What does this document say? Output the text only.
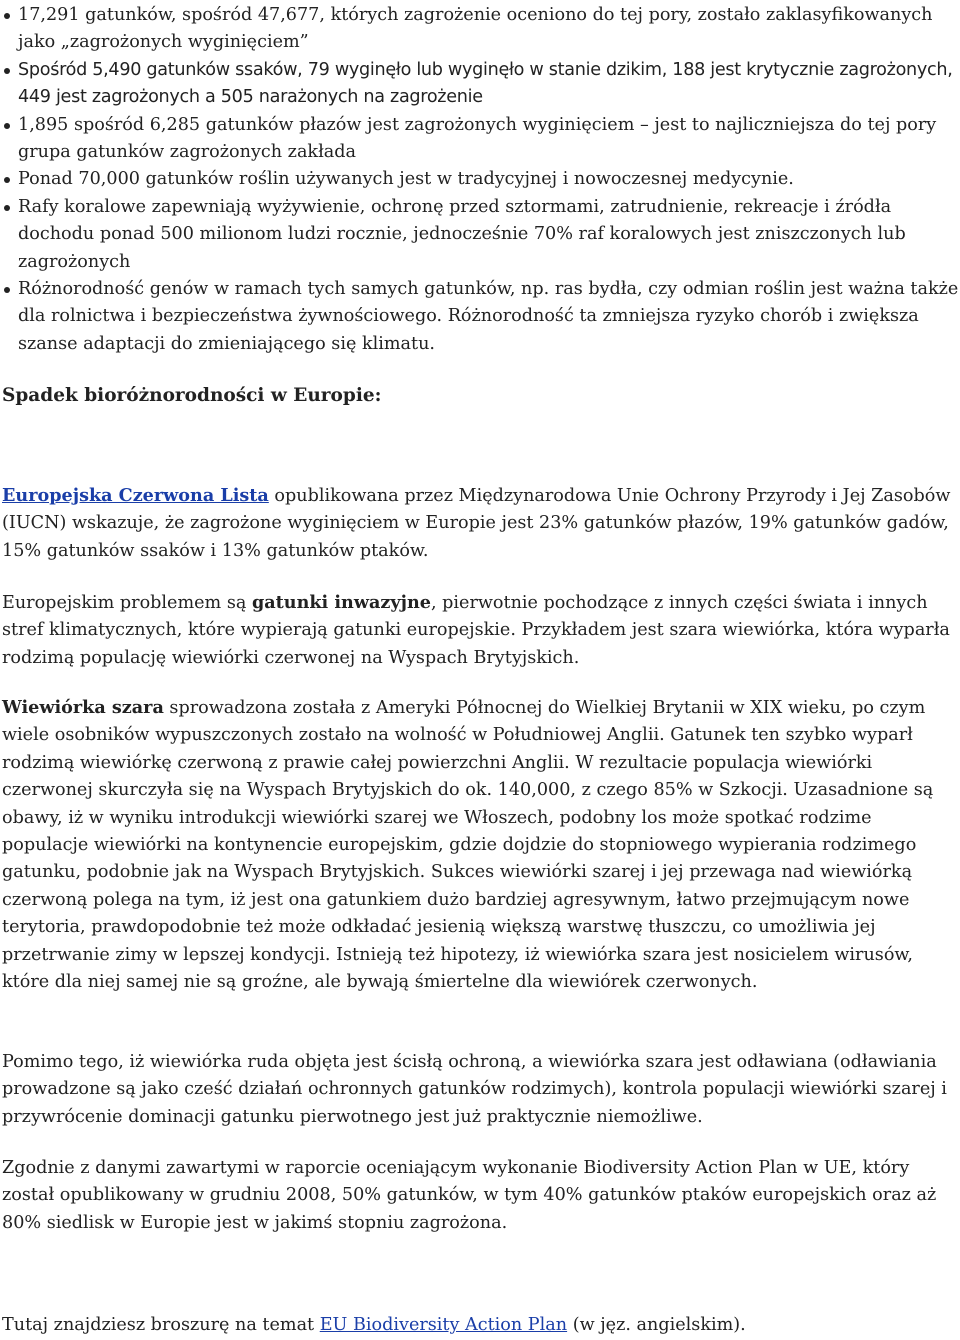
17,291 gatunków, spośród 47,677, których zagrożenie oceniono do tej pory, zostało zaklasyfikowanych jako „zagrożonych wyginięciem”
Spośród 5,490 gatunków ssaków, 79 wyginęło lub wyginęło w stanie dzikim, 188 jest krytycznie zagrożonych, 449 jest zagrożonych a 505 narażonych na zagrożenie
1,895 spośród 6,285 gatunków płazów jest zagrożonych wyginięciem – jest to najliczniejsza do tej pory grupa gatunków zagrożonych zakłada
Ponad 70,000 gatunków roślin używanych jest w tradycyjnej i nowoczesnej medycynie.
Rafy koralowe zapewniają wyżywienie, ochronę przed sztormami, zatrudnienie, rekreacje i źródła dochodu ponad 500 milionom ludzi rocznie, jednocześnie 70% raf koralowych jest zniszczonych lub zagrożonych
Różnorodność genów w ramach tych samych gatunków, np. ras bydła, czy odmian roślin jest ważna także dla rolnictwa i bezpieczeństwa żywnościowego. Różnorodność ta zmniejsza ryzyko chorób i zwiększa szanse adaptacji do zmieniającego się klimatu.
Spadek bioróżnorodności w Europie:

Europejska Czerwona Lista opublikowana przez Międzynarodowa Unie Ochrony Przyrody i Jej Zasobów (IUCN) wskazuje, że zagrożone wyginięciem w Europie jest 23% gatunków płazów, 19% gatunków gadów, 15% gatunków ssaków i 13% gatunków ptaków.

Europejskim problemem są gatunki inwazyjne, pierwotnie pochodzące z innych części świata i innych stref klimatycznych, które wypierają gatunki europejskie. Przykładem jest szara wiewiórka, która wyparła rodzimą populację wiewiórki czerwonej na Wyspach Brytyjskich.

Wiewiórka szara sprowadzona została z Ameryki Północnej do Wielkiej Brytanii w XIX wieku, po czym wiele osobników wypuszczonych zostało na wolność w Południowej Anglii. Gatunek ten szybko wyparł rodzimą wiewiórkę czerwoną z prawie całej powierzchni Anglii. W rezultacie populacja wiewiórki czerwonej skurczyła się na Wyspach Brytyjskich do ok. 140,000, z czego 85% w Szkocji. Uzasadnione są obawy, iż w wyniku introdukcji wiewiórki szarej we Włoszech, podobny los może spotkać rodzime populacje wiewiórki na kontynencie europejskim, gdzie dojdzie do stopniowego wypierania rodzimego gatunku, podobnie jak na Wyspach Brytyjskich. Sukces wiewiórki szarej i jej przewaga nad wiewiórką czerwoną polega na tym, iż jest ona gatunkiem dużo bardziej agresywnym, łatwo przejmującym nowe terytoria, prawdopodobnie też może odkładać jesienią większą warstwę tłuszczu, co umożliwia jej przetrwanie zimy w lepszej kondycji. Istnieją też hipotezy, iż wiewiórka szara jest nosicielem wirusów, które dla niej samej nie są groźne, ale bywają śmiertelne dla wiewiórek czerwonych.

Pomimo tego, iż wiewiórka ruda objęta jest ścisłą ochroną, a wiewiórka szara jest odławiana (odławiania prowadzone są jako cześć działań ochronnych gatunków rodzimych), kontrola populacji wiewiórki szarej i przywrócenie dominacji gatunku pierwotnego jest już praktycznie niemożliwe.

Zgodnie z danymi zawartymi w raporcie oceniającym wykonanie Biodiversity Action Plan w UE, który został opublikowany w grudniu 2008, 50% gatunków, w tym 40% gatunków ptaków europejskich oraz aż 80% siedlisk w Europie jest w jakimś stopniu zagrożona.

Tutaj znajdziesz broszurę na temat EU Biodiversity Action Plan (w jęz. angielskim).
